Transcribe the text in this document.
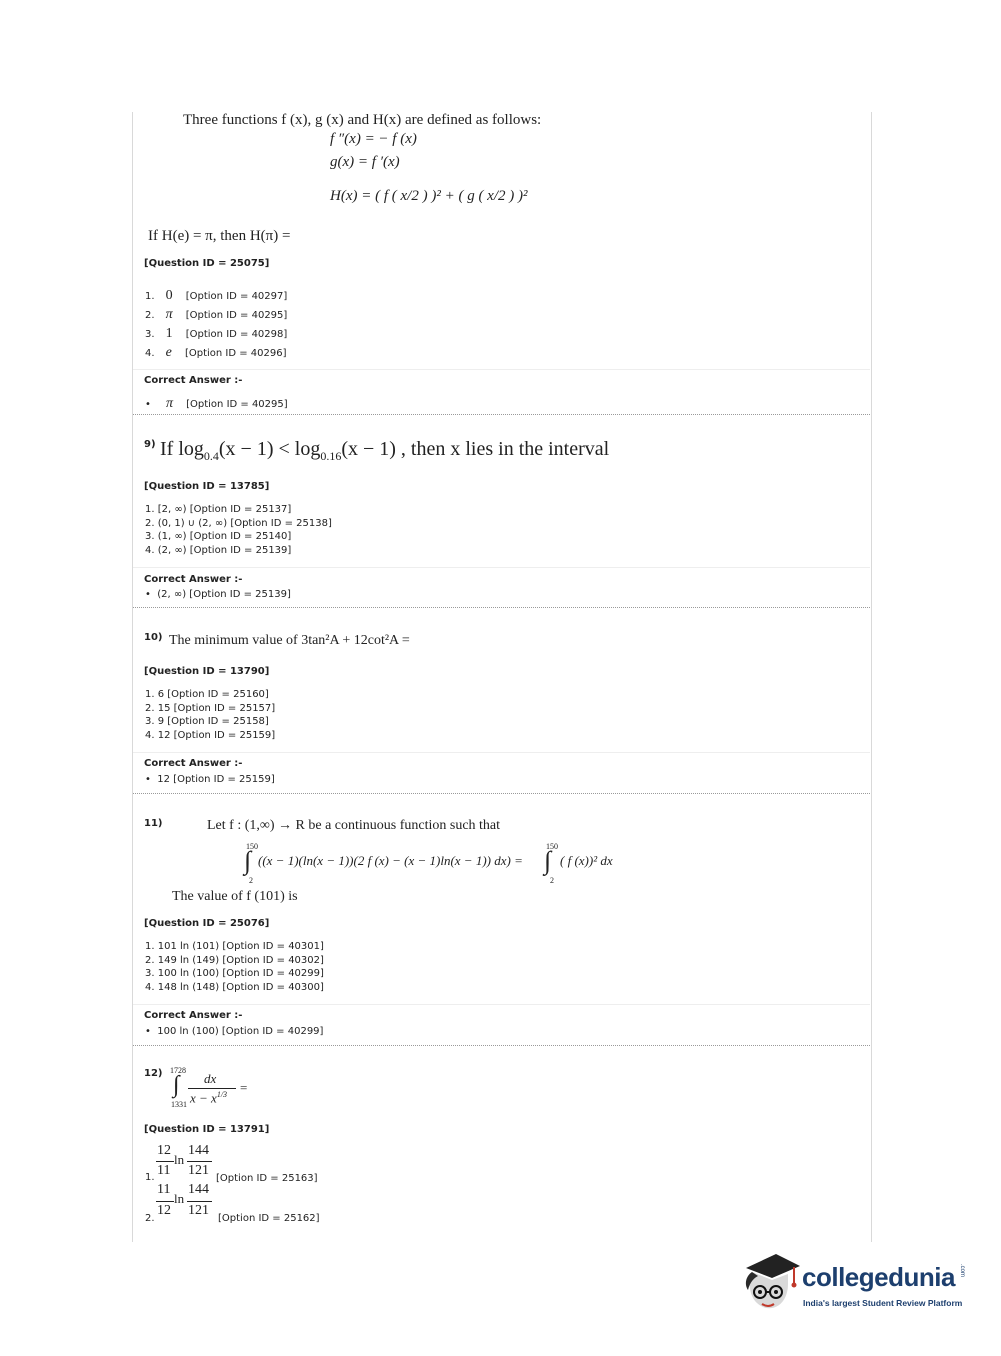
Three functions f (x), g (x) and H(x) are defined as follows:
f ″(x) = − f (x)
g(x) = f ′(x)
H(x) = ( f ( x/2 ) )² + ( g ( x/2 ) )²
If H(e) = π, then H(π) =
[Question ID = 25075]
1. 0 [Option ID = 40297]
2. π [Option ID = 40295]
3. 1 [Option ID = 40298]
4. e [Option ID = 40296]
Correct Answer :-
• π [Option ID = 40295]
9) If $\log_{0.4}(x - 1) < \log_{0.16}(x - 1)$ , then x lies in the interval
[Question ID = 13785]
1. [2, ∞) [Option ID = 25137]
2. (0, 1) ∪ (2, ∞) [Option ID = 25138]
3. (1, ∞) [Option ID = 25140]
4. (2, ∞) [Option ID = 25139]
Correct Answer :-
• (2, ∞) [Option ID = 25139]
10) The minimum value of 3tan²A + 12cot²A =
[Question ID = 13790]
1. 6 [Option ID = 25160]
2. 15 [Option ID = 25157]
3. 9 [Option ID = 25158]
4. 12 [Option ID = 25159]
Correct Answer :-
• 12 [Option ID = 25159]
11)	Let f : (1,∞) → R be a continuous function such that
150
2
∫ ((x − 1)(ln(x − 1))(2 f (x) − (x − 1)ln(x − 1)) dx) =
150
2
∫ ( f (x))² dx
The value of f (101) is
[Question ID = 25076]
1. 101 ln (101) [Option ID = 40301]
2. 149 ln (149) [Option ID = 40302]
3. 100 ln (100) [Option ID = 40299]
4. 148 ln (148) [Option ID = 40300]
Correct Answer :-
• 100 ln (100) [Option ID = 40299]
12) 1728
1331
∫ dx
$x - x^{1/3}$ =
[Question ID = 13791]
1.
12
11
ln
144
121
[Option ID = 25163]
2.
11
12
ln
144
121
[Option ID = 25162]
collegedunia .com
India's largest Student Review Platform
